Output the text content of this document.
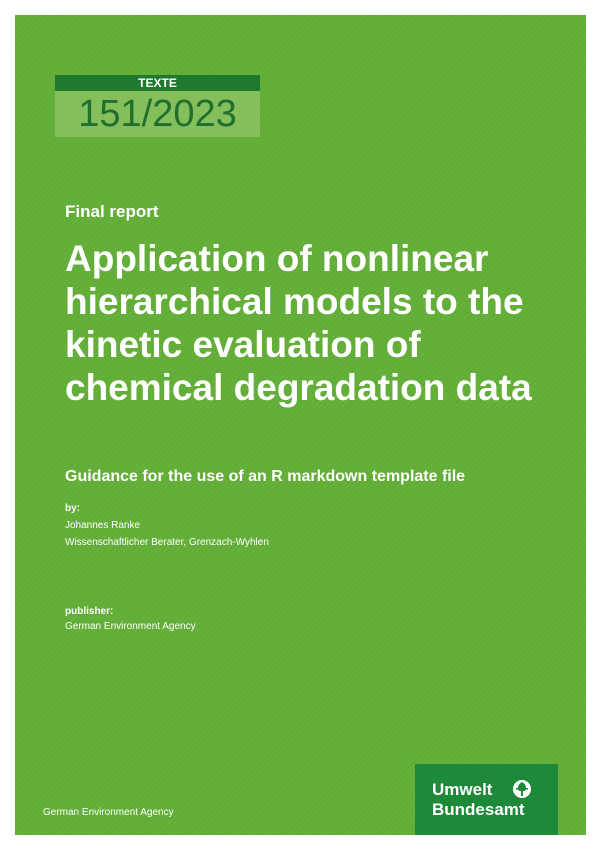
TEXTE
151/2023
Final report
Application of nonlinear hierarchical models to the kinetic evaluation of chemical degradation data
Guidance for the use of an R markdown template file
by:
Johannes Ranke
Wissenschaftlicher Berater, Grenzach-Wyhlen
publisher:
German Environment Agency
German Environment Agency
Umwelt
Bundesamt
